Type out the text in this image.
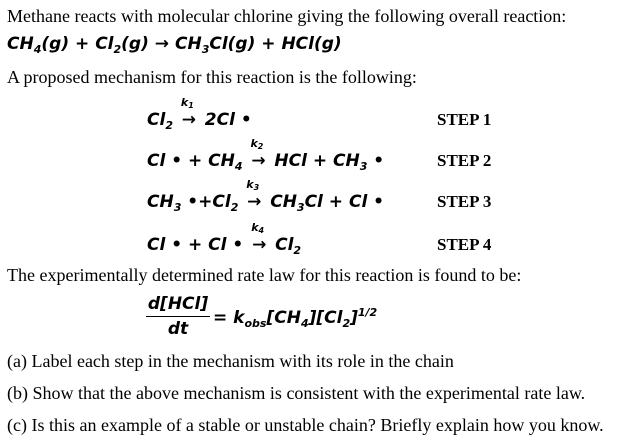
Methane reacts with molecular chlorine giving the following overall reaction:
$CH_4(g) + Cl_2(g) \to CH_3Cl(g) + HCl(g)$
A proposed mechanism for this reaction is the following:
$Cl_2$
$k_1$
→ 2Cl •	STEP 1
Cl • + $CH_4$
$k_2$
→ HCl + $CH_3$ •	STEP 2
$CH_3$ $•+Cl_2$
$k_3$
→ $CH_3Cl + Cl$ •	STEP 3
Cl • + Cl •
$k_4$
→ $Cl_2$	STEP 4
The experimentally determined rate law for this reaction is found to be:
d[HCl]
dt
= $k_{obs}[CH_4][Cl_2]^{1/2}$
(a) Label each step in the mechanism with its role in the chain
(b) Show that the above mechanism is consistent with the experimental rate law.
(c) Is this an example of a stable or unstable chain? Briefly explain how you know.
